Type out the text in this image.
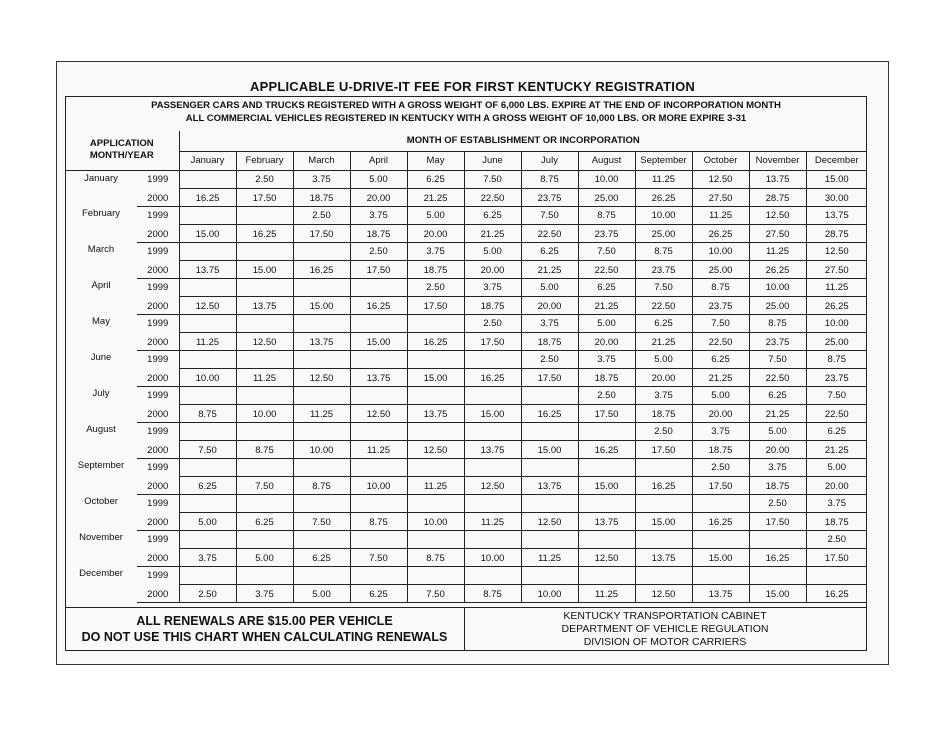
APPLICABLE U-DRIVE-IT FEE FOR FIRST KENTUCKY REGISTRATION
PASSENGER CARS AND TRUCKS REGISTERED WITH A GROSS WEIGHT OF 6,000 LBS. EXPIRE AT THE END OF INCORPORATION MONTH
ALL COMMERCIAL VEHICLES REGISTERED IN KENTUCKY WITH A GROSS WEIGHT OF 10,000 LBS. OR MORE EXPIRE 3-31
APPLICATION
MONTH/YEAR		MONTH OF ESTABLISHMENT OR INCORPORATION											
		January	February	March	April	May	June	July	August	September	October	November	December
January	1999		2.50	3.75	5.00	6.25	7.50	8.75	10.00	11.25	12.50	13.75	15.00
	2000	16.25	17.50	18.75	20.00	21.25	22.50	23.75	25.00	26.25	27.50	28.75	30.00
February	1999			2.50	3.75	5.00	6.25	7.50	8.75	10.00	11.25	12.50	13.75
	2000	15.00	16.25	17.50	18.75	20.00	21.25	22.50	23.75	25.00	26.25	27.50	28.75
March	1999				2.50	3.75	5.00	6.25	7.50	8.75	10.00	11.25	12.50
	2000	13.75	15.00	16.25	17.50	18.75	20.00	21.25	22.50	23.75	25.00	26.25	27.50
April	1999					2.50	3.75	5.00	6.25	7.50	8.75	10.00	11.25
	2000	12.50	13.75	15.00	16.25	17.50	18.75	20.00	21.25	22.50	23.75	25.00	26.25
May	1999						2.50	3.75	5.00	6.25	7.50	8.75	10.00
	2000	11.25	12.50	13.75	15.00	16.25	17.50	18.75	20.00	21.25	22.50	23.75	25.00
June	1999							2.50	3.75	5.00	6.25	7.50	8.75
	2000	10.00	11.25	12.50	13.75	15.00	16.25	17.50	18.75	20.00	21.25	22.50	23.75
July	1999								2.50	3.75	5.00	6.25	7.50
	2000	8.75	10.00	11.25	12.50	13.75	15.00	16.25	17.50	18.75	20.00	21.25	22.50
August	1999									2.50	3.75	5.00	6.25
	2000	7.50	8.75	10.00	11.25	12.50	13.75	15.00	16.25	17.50	18.75	20.00	21.25
September	1999										2.50	3.75	5.00
	2000	6.25	7.50	8.75	10.00	11.25	12.50	13.75	15.00	16.25	17.50	18.75	20.00
October	1999											2.50	3.75
	2000	5.00	6.25	7.50	8.75	10.00	11.25	12.50	13.75	15.00	16.25	17.50	18.75
November	1999												2.50
	2000	3.75	5.00	6.25	7.50	8.75	10.00	11.25	12.50	13.75	15.00	16.25	17.50
December	1999												
	2000	2.50	3.75	5.00	6.25	7.50	8.75	10.00	11.25	12.50	13.75	15.00	16.25
ALL RENEWALS ARE $15.00 PER VEHICLE
DO NOT USE THIS CHART WHEN CALCULATING RENEWALS
KENTUCKY TRANSPORTATION CABINET
DEPARTMENT OF VEHICLE REGULATION
DIVISION OF MOTOR CARRIERS
